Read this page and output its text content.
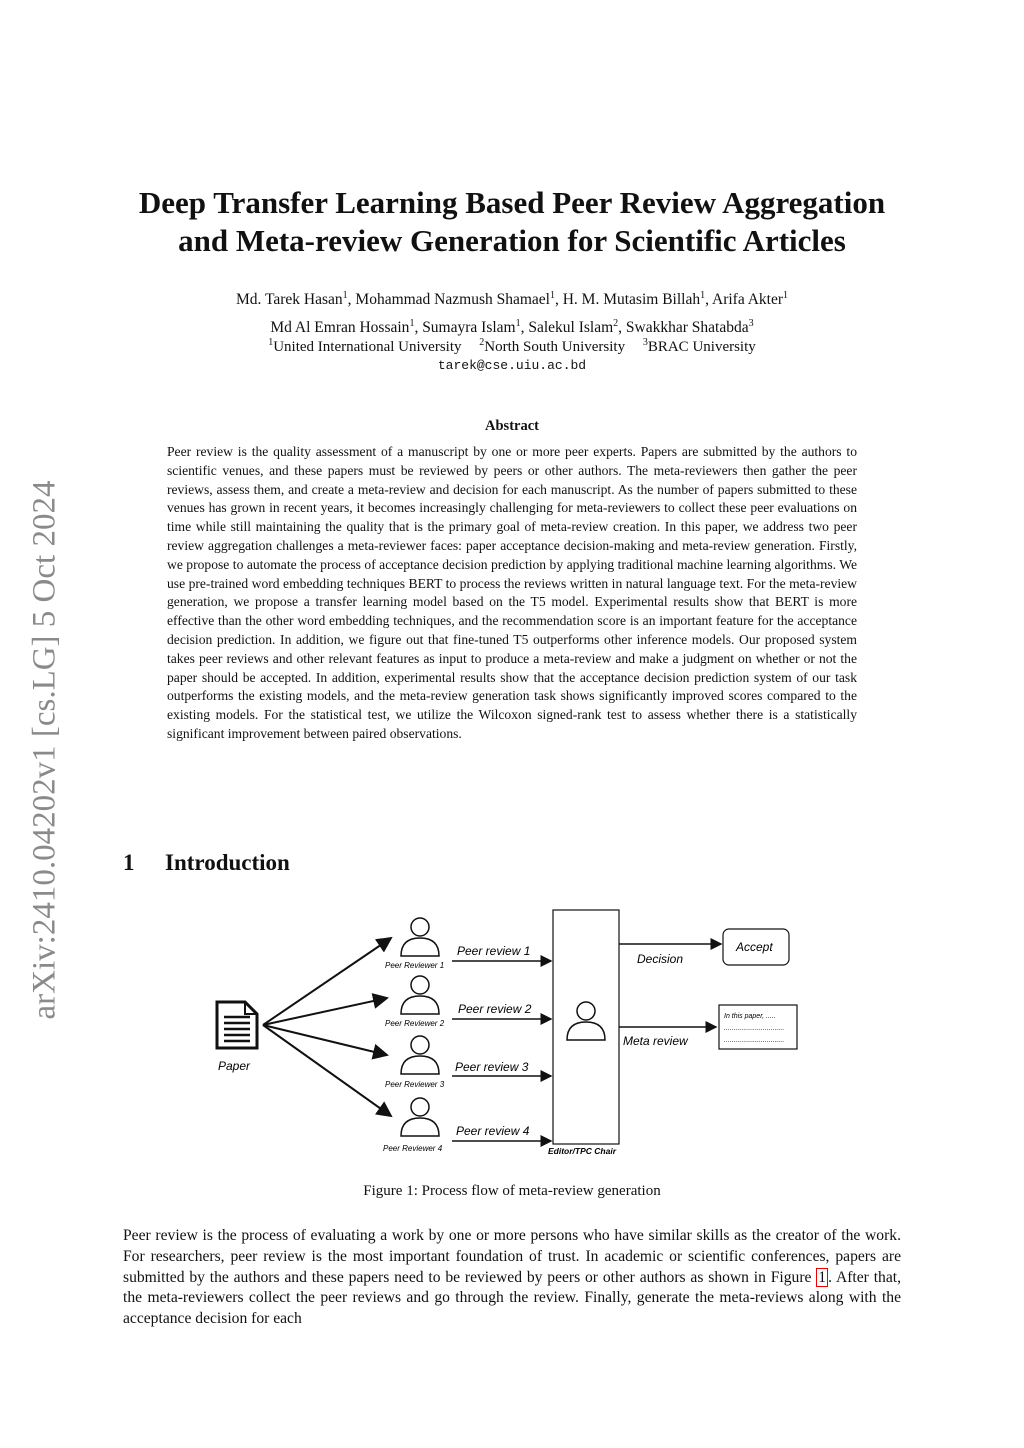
arXiv:2410.04202v1 [cs.LG] 5 Oct 2024
Deep Transfer Learning Based Peer Review Aggregation
and Meta-review Generation for Scientific Articles
Md. Tarek Hasan$^1$, Mohammad Nazmush Shamael$^1$, H. M. Mutasim Billah$^1$, Arifa Akter$^1$
Md Al Emran Hossain$^1$, Sumayra Islam$^1$, Salekul Islam$^2$, Swakkhar Shatabda$^3$
$^1$United International University $^2$North South University $^3$BRAC University
tarek@cse.uiu.ac.bd
Abstract

Peer review is the quality assessment of a manuscript by one or more peer experts. Papers are submitted by the authors to scientific venues, and these papers must be reviewed by peers or other authors. The meta-reviewers then gather the peer reviews, assess them, and create a meta-review and decision for each manuscript. As the number of papers submitted to these venues has grown in recent years, it becomes increasingly challenging for meta-reviewers to collect these peer evaluations on time while still maintaining the quality that is the primary goal of meta-review creation. In this paper, we address two peer review aggregation challenges a meta-reviewer faces: paper acceptance decision-making and meta-review generation. Firstly, we propose to automate the process of acceptance decision prediction by applying traditional machine learning algorithms. We use pre-trained word embedding techniques BERT to process the reviews written in natural language text. For the meta-review generation, we propose a transfer learning model based on the T5 model. Experimental results show that BERT is more effective than the other word embedding techniques, and the recommendation score is an important feature for the acceptance decision prediction. In addition, we figure out that fine-tuned T5 outperforms other inference models. Our proposed system takes peer reviews and other relevant features as input to produce a meta-review and make a judgment on whether or not the paper should be accepted. In addition, experimental results show that the acceptance decision prediction system of our task outperforms the existing models, and the meta-review generation task shows significantly improved scores compared to the existing models. For the statistical test, we utilize the Wilcoxon signed-rank test to assess whether there is a statistically significant improvement between paired observations.

1 Introduction
Paper
Peer Reviewer 1
Peer review 1
Peer Reviewer 2
Peer review 2
Peer Reviewer 3
Peer review 3
Peer Reviewer 4
Peer review 4
Editor/TPC Chair
Decision
Accept
Meta review
In this paper, .....
...............................
...............................
Figure 1: Process flow of meta-review generation

Peer review is the process of evaluating a work by one or more persons who have similar skills as the creator of the work. For researchers, peer review is the most important foundation of trust. In academic or scientific conferences, papers are submitted by the authors and these papers need to be reviewed by peers or other authors as shown in Figure 1 . After that, the meta-reviewers collect the peer reviews and go through the review. Finally, generate the meta-reviews along with the acceptance decision for each
